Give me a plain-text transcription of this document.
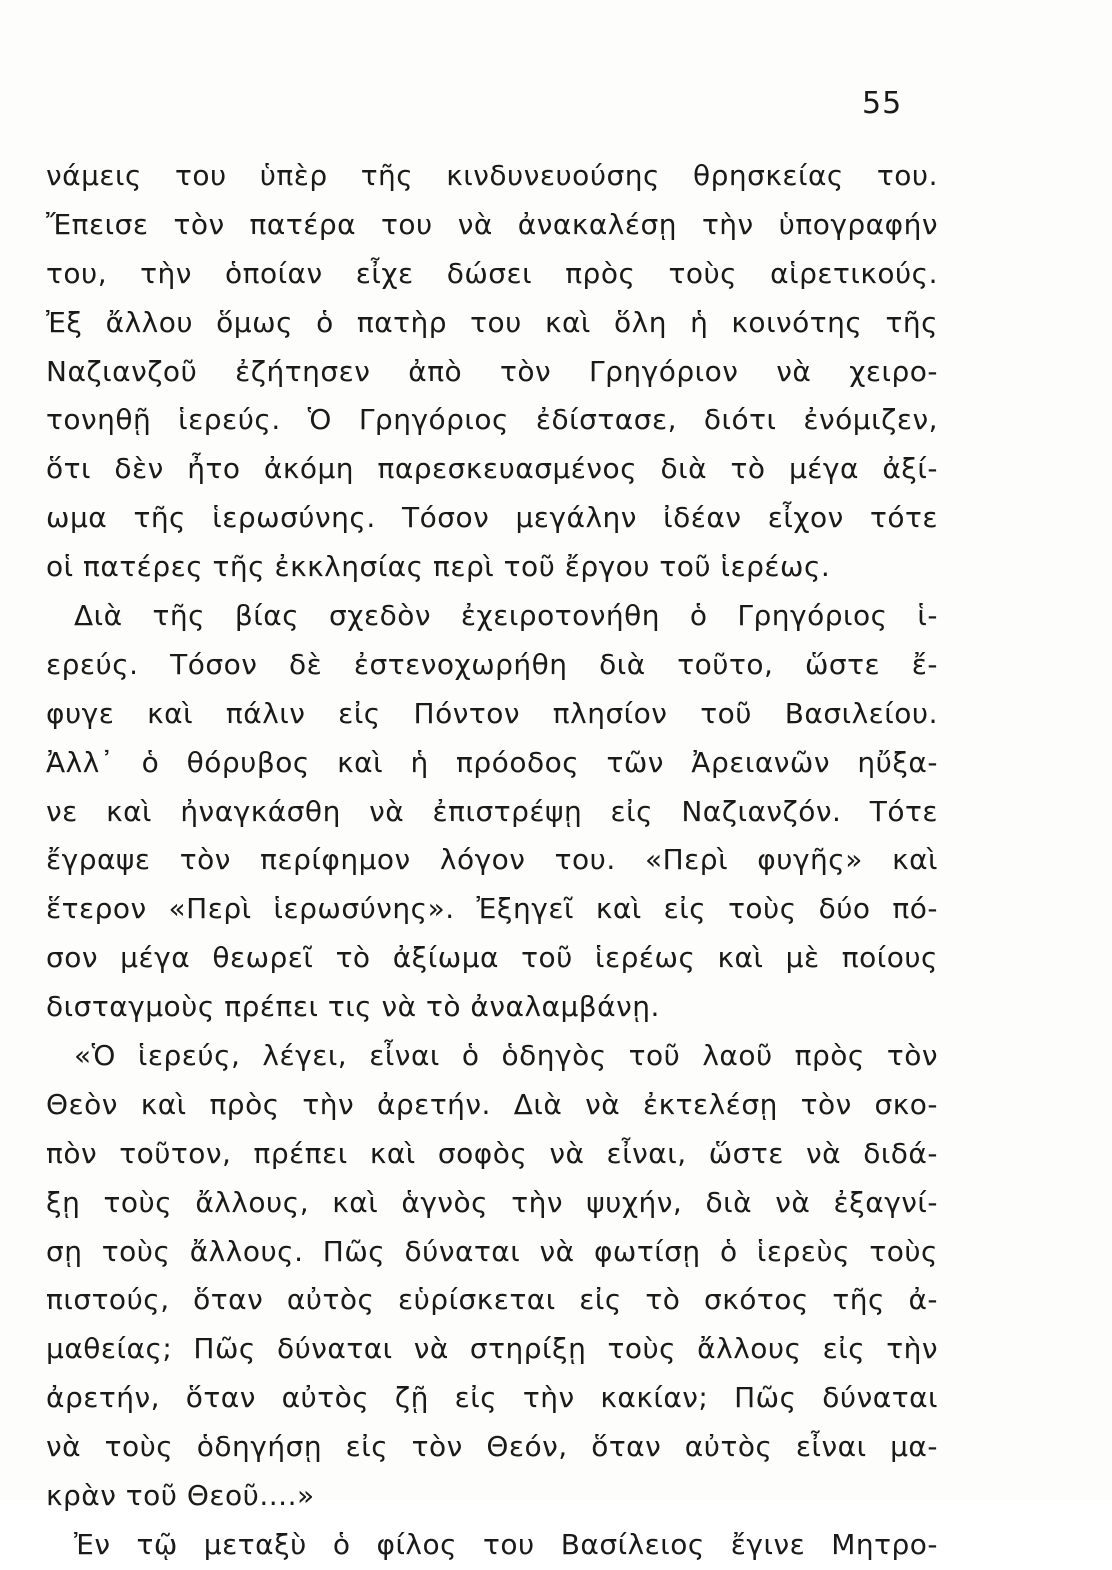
55
νάμεις του ὑπὲρ τῆς κινδυνευούσης θρησκείας του.
Ἔπεισε τὸν πατέρα του νὰ ἀνακαλέσῃ τὴν ὑπογραφήν
του, τὴν ὁποίαν εἶχε δώσει πρὸς τοὺς αἱρετικούς.
Ἐξ ἄλλου ὅμως ὁ πατὴρ του καὶ ὅλη ἡ κοινότης τῆς
Ναζιανζοῦ ἐζήτησεν ἀπὸ τὸν Γρηγόριον νὰ χειρο-
τονηθῇ ἱερεύς. Ὁ Γρηγόριος ἐδίστασε, διότι ἐνόμιζεν,
ὅτι δὲν ἦτο ἀκόμη παρεσκευασμένος διὰ τὸ μέγα ἀξί-
ωμα τῆς ἱερωσύνης. Τόσον μεγάλην ἰδέαν εἶχον τότε
οἱ πατέρες τῆς ἐκκλησίας περὶ τοῦ ἔργου τοῦ ἱερέως.
Διὰ τῆς βίας σχεδὸν ἐχειροτονήθη ὁ Γρηγόριος ἱ-
ερεύς. Τόσον δὲ ἐστενοχωρήθη διὰ τοῦτο, ὥστε ἔ-
φυγε καὶ πάλιν εἰς Πόντον πλησίον τοῦ Βασιλείου.
Ἀλλ᾽ ὁ θόρυβος καὶ ἡ πρόοδος τῶν Ἀρειανῶν ηὔξα-
νε καὶ ἠναγκάσθη νὰ ἐπιστρέψῃ εἰς Ναζιανζόν. Τότε
ἔγραψε τὸν περίφημον λόγον του. «Περὶ φυγῆς» καὶ
ἕτερον «Περὶ ἱερωσύνης». Ἐξηγεῖ καὶ εἰς τοὺς δύο πό-
σον μέγα θεωρεῖ τὸ ἀξίωμα τοῦ ἱερέως καὶ μὲ ποίους
δισταγμοὺς πρέπει τις νὰ τὸ ἀναλαμβάνῃ.
«Ὁ ἱερεύς, λέγει, εἶναι ὁ ὁδηγὸς τοῦ λαοῦ πρὸς τὸν
Θεὸν καὶ πρὸς τὴν ἀρετήν. Διὰ νὰ ἐκτελέσῃ τὸν σκο-
πὸν τοῦτον, πρέπει καὶ σοφὸς νὰ εἶναι, ὥστε νὰ διδά-
ξῃ τοὺς ἄλλους, καὶ ἁγνὸς τὴν ψυχήν, διὰ νὰ ἐξαγνί-
σῃ τοὺς ἄλλους. Πῶς δύναται νὰ φωτίσῃ ὁ ἱερεὺς τοὺς
πιστούς, ὅταν αὐτὸς εὑρίσκεται εἰς τὸ σκότος τῆς ἀ-
μαθείας; Πῶς δύναται νὰ στηρίξῃ τοὺς ἄλλους εἰς τὴν
ἀρετήν, ὅταν αὐτὸς ζῇ εἰς τὴν κακίαν; Πῶς δύναται
νὰ τοὺς ὁδηγήσῃ εἰς τὸν Θεόν, ὅταν αὐτὸς εἶναι μα-
κρὰν τοῦ Θεοῦ....»
Ἐν τῷ μεταξὺ ὁ φίλος του Βασίλειος ἔγινε Μητρο-
